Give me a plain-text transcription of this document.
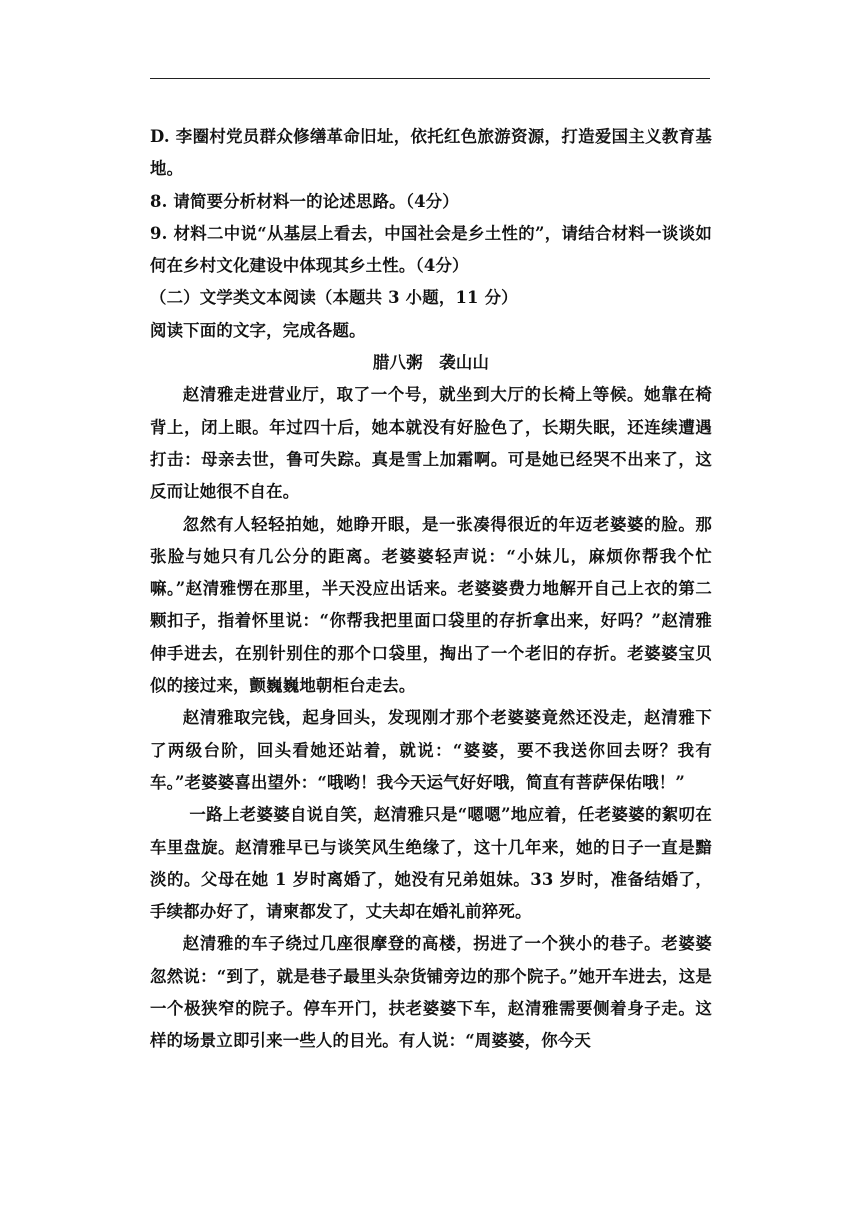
D. 李圈村党员群众修缮革命旧址，依托红色旅游资源，打造爱国主义教育基地。

8. 请简要分析材料一的论述思路。（4分）

9. 材料二中说“从基层上看去，中国社会是乡土性的”，请结合材料一谈谈如何在乡村文化建设中体现其乡土性。（4分）

（二）文学类文本阅读（本题共 3 小题，11 分）

阅读下面的文字，完成各题。

腊八粥　袭山山

赵清雅走进营业厅，取了一个号，就坐到大厅的长椅上等候。她靠在椅背上，闭上眼。年过四十后，她本就没有好脸色了，长期失眠，还连续遭遇打击：母亲去世，鲁可失踪。真是雪上加霜啊。可是她已经哭不出来了，这反而让她很不自在。

忽然有人轻轻拍她，她睁开眼，是一张凑得很近的年迈老婆婆的脸。那张脸与她只有几公分的距离。老婆婆轻声说：“小妹儿，麻烦你帮我个忙嘛。”赵清雅愣在那里，半天没应出话来。老婆婆费力地解开自己上衣的第二颗扣子，指着怀里说：“你帮我把里面口袋里的存折拿出来，好吗？”赵清雅伸手进去，在别针别住的那个口袋里，掏出了一个老旧的存折。老婆婆宝贝似的接过来，颤巍巍地朝柜台走去。

赵清雅取完钱，起身回头，发现刚才那个老婆婆竟然还没走，赵清雅下了两级台阶，回头看她还站着，就说：“婆婆，要不我送你回去呀？我有车。”老婆婆喜出望外：“哦哟！我今天运气好好哦，简直有菩萨保佑哦！”

一路上老婆婆自说自笑，赵清雅只是“嗯嗯”地应着，任老婆婆的絮叨在车里盘旋。赵清雅早已与谈笑风生绝缘了，这十几年来，她的日子一直是黯淡的。父母在她 1 岁时离婚了，她没有兄弟姐妹。33 岁时，准备结婚了，手续都办好了，请柬都发了，丈夫却在婚礼前猝死。

赵清雅的车子绕过几座很摩登的高楼，拐进了一个狭小的巷子。老婆婆忽然说：“到了，就是巷子最里头杂货铺旁边的那个院子。”她开车进去，这是一个极狭窄的院子。停车开门，扶老婆婆下车，赵清雅需要侧着身子走。这样的场景立即引来一些人的目光。有人说：“周婆婆，你今天
